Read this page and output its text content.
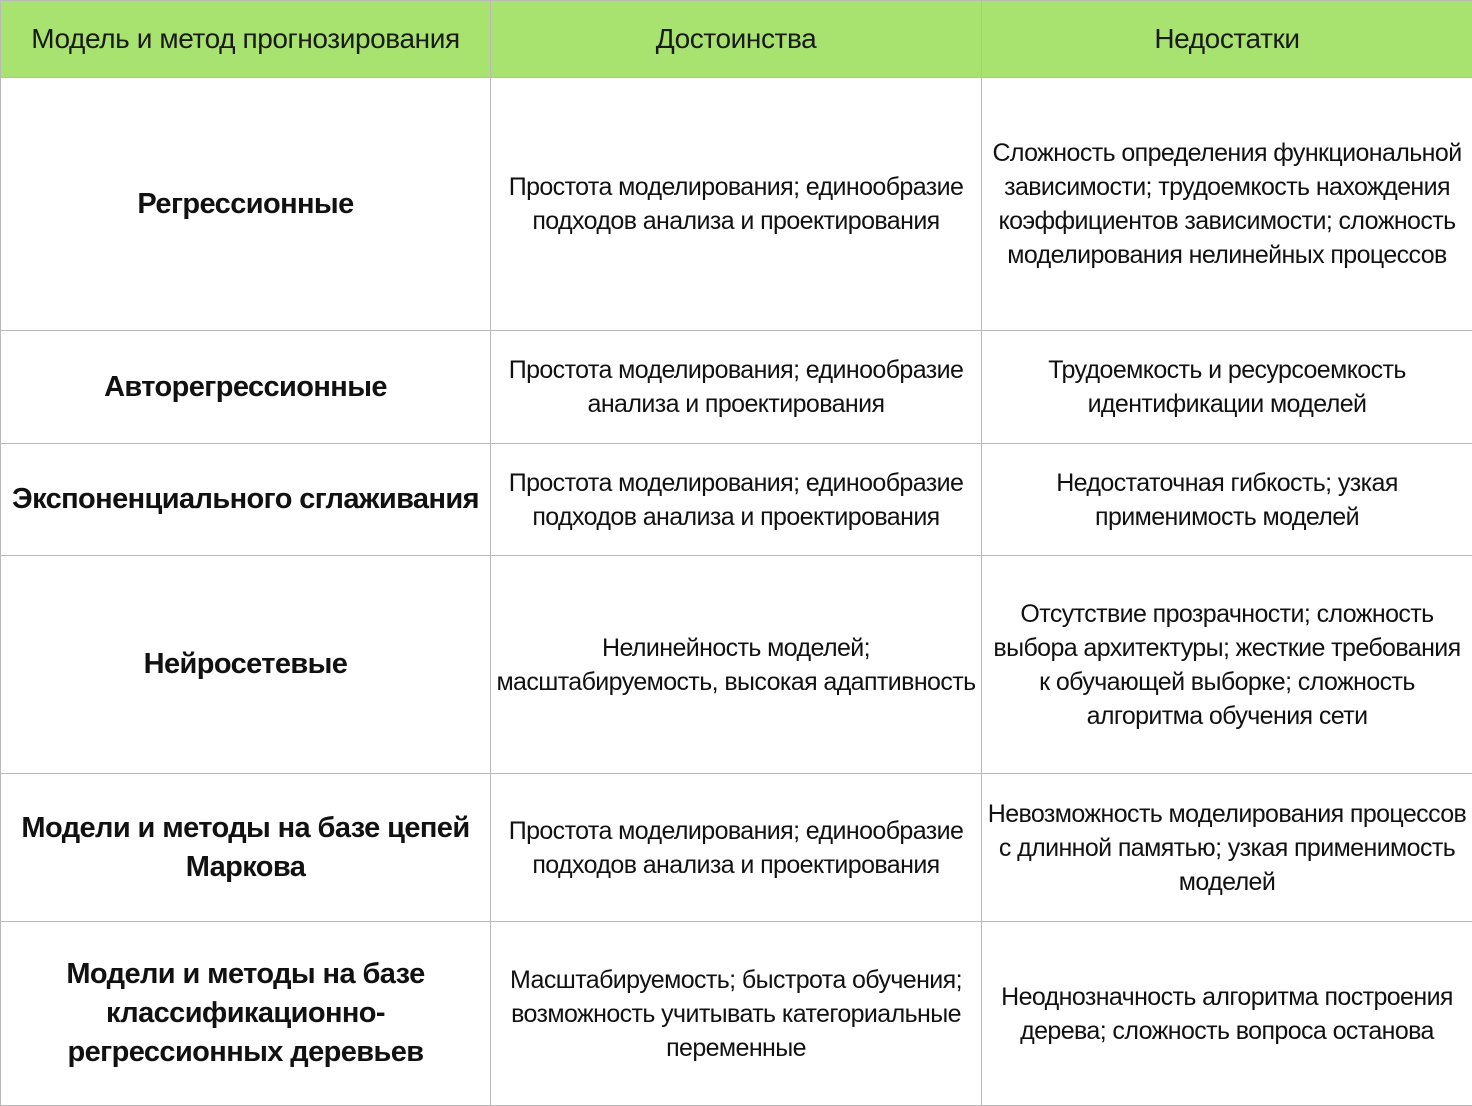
Модель и метод прогнозирования	Достоинства	Недостатки
Регрессионные	Простота моделирования; единообразие подходов анализа и проектирования	Сложность определения функциональной зависимости; трудоемкость нахождения коэффициентов зависимости; сложность моделирования нелинейных процессов
Авторегрессионные	Простота моделирования; единообразие анализа и проектирования	Трудоемкость и ресурсоемкость идентификации моделей
Экспоненциального сглаживания	Простота моделирования; единообразие подходов анализа и проектирования	Недостаточная гибкость; узкая применимость моделей
Нейросетевые	Нелинейность моделей; масштабируемость, высокая адаптивность	Отсутствие прозрачности; сложность выбора архитектуры; жесткие требования к обучающей выборке; сложность алгоритма обучения сети
Модели и методы на базе цепей Маркова	Простота моделирования; единообразие подходов анализа и проектирования	Невозможность моделирования процессов с длинной памятью; узкая применимость моделей
Модели и методы на базе классификационно-регрессионных деревьев	Масштабируемость; быстрота обучения; возможность учитывать категориальные переменные	Неоднозначность алгоритма построения дерева; сложность вопроса останова
